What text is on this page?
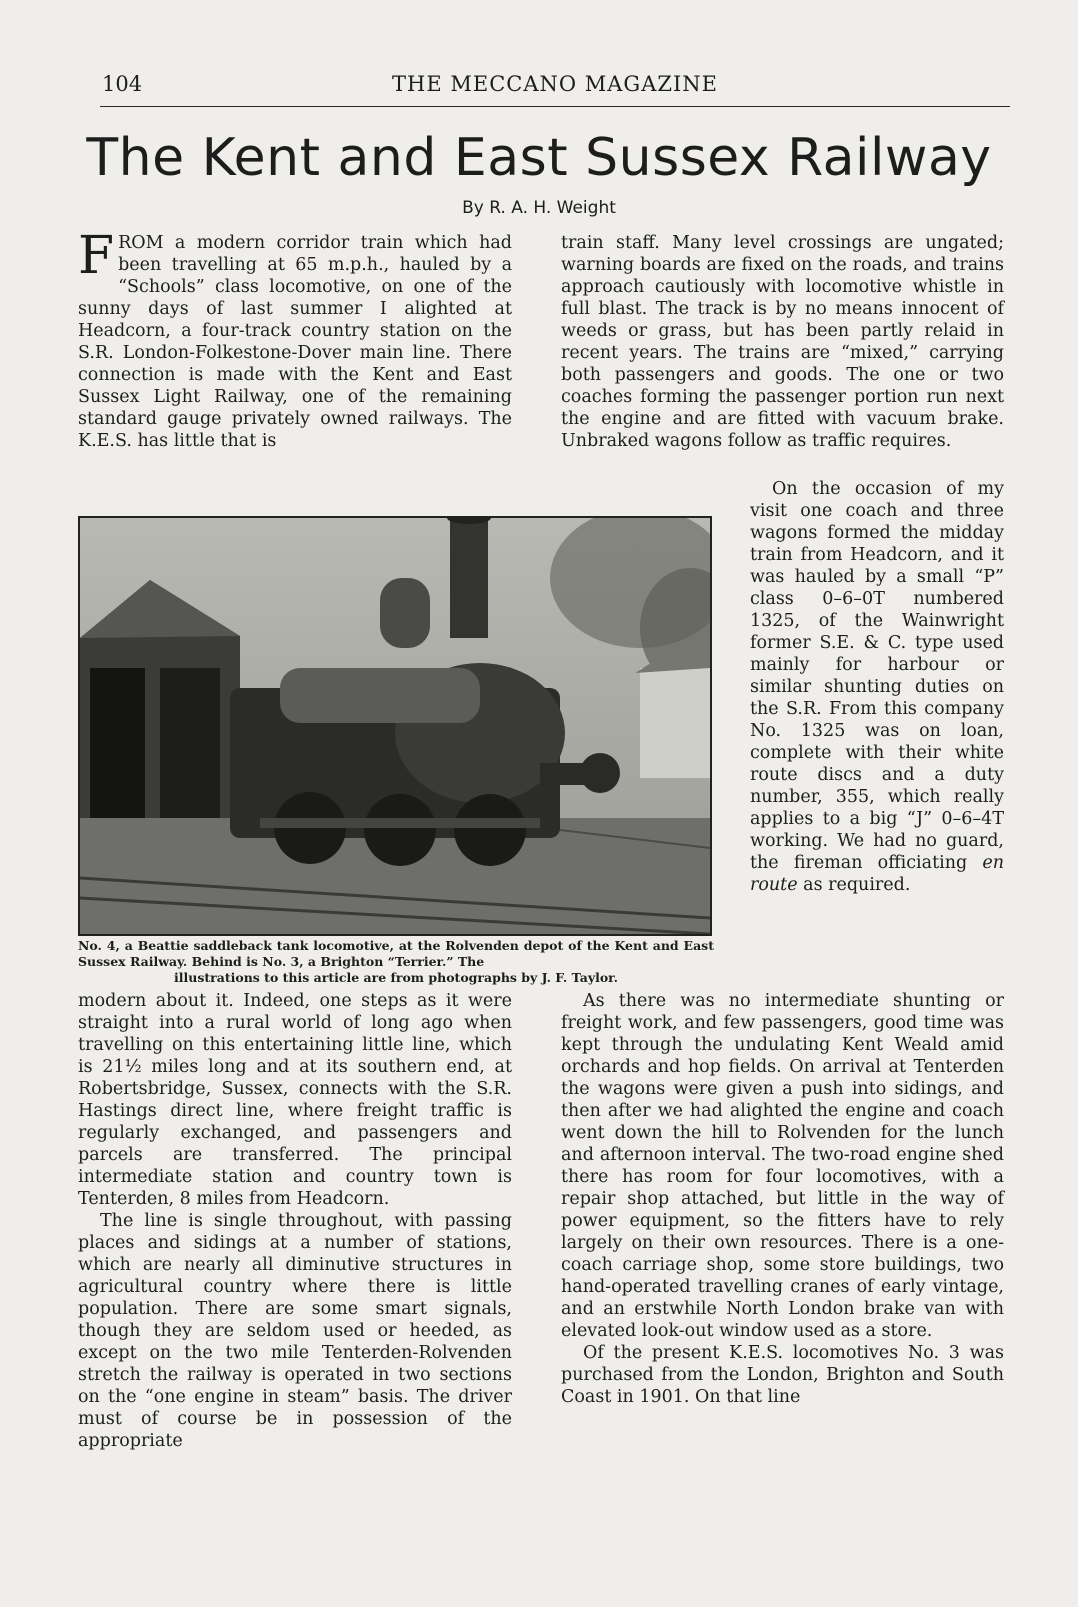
104	THE MECCANO MAGAZINE
The Kent and East Sussex Railway
By R. A. H. Weight

FROM a modern corridor train which had been travelling at 65 m.p.h., hauled by a “Schools” class locomotive, on one of the sunny days of last summer I alighted at Headcorn, a four-track country station on the S.R. London-Folkestone-Dover main line. There connection is made with the Kent and East Sussex Light Railway, one of the remaining standard gauge privately owned railways. The K.E.S. has little that is

train staff. Many level crossings are ungated; warning boards are fixed on the roads, and trains approach cautiously with locomotive whistle in full blast. The track is by no means innocent of weeds or grass, but has been partly relaid in recent years. The trains are “mixed,” carrying both passengers and goods. The one or two coaches forming the passenger portion run next the engine and are fitted with vacuum brake. Unbraked wagons follow as traffic requires.

No. 4, a Beattie saddleback tank locomotive, at the Rolvenden depot of the Kent and East Sussex Railway. Behind is No. 3, a Brighton “Terrier.” The
illustrations to this article are from photographs by J. F. Taylor.

On the occasion of my visit one coach and three wagons formed the midday train from Headcorn, and it was hauled by a small “P” class 0–6–0T numbered 1325, of the Wainwright former S.E. & C. type used mainly for harbour or similar shunting duties on the S.R. From this company No. 1325 was on loan, complete with their white route discs and a duty number, 355, which really applies to a big “J” 0–6–4T working. We had no guard, the fireman officiating en route as required.

modern about it. Indeed, one steps as it were straight into a rural world of long ago when travelling on this entertaining little line, which is 21½ miles long and at its southern end, at Robertsbridge, Sussex, connects with the S.R. Hastings direct line, where freight traffic is regularly exchanged, and passengers and parcels are transferred. The principal intermediate station and country town is Tenterden, 8 miles from Headcorn.

The line is single throughout, with passing places and sidings at a number of stations, which are nearly all diminutive structures in agricultural country where there is little population. There are some smart signals, though they are seldom used or heeded, as except on the two mile Tenterden-Rolvenden stretch the railway is operated in two sections on the “one engine in steam” basis. The driver must of course be in possession of the appropriate

As there was no intermediate shunting or freight work, and few passengers, good time was kept through the undulating Kent Weald amid orchards and hop fields. On arrival at Tenterden the wagons were given a push into sidings, and then after we had alighted the engine and coach went down the hill to Rolvenden for the lunch and afternoon interval. The two-road engine shed there has room for four locomotives, with a repair shop attached, but little in the way of power equipment, so the fitters have to rely largely on their own resources. There is a one-coach carriage shop, some store buildings, two hand-operated travelling cranes of early vintage, and an erstwhile North London brake van with elevated look-out window used as a store.

Of the present K.E.S. locomotives No. 3 was purchased from the London, Brighton and South Coast in 1901. On that line
